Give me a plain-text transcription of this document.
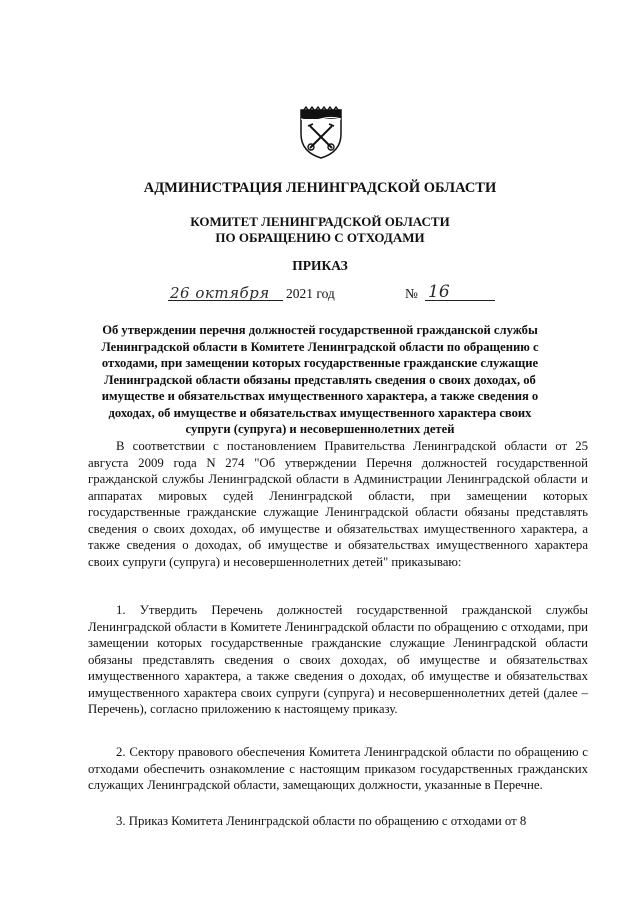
АДМИНИСТРАЦИЯ ЛЕНИНГРАДСКОЙ ОБЛАСТИ

КОМИТЕТ ЛЕНИНГРАДСКОЙ ОБЛАСТИ
ПО ОБРАЩЕНИЮ С ОТХОДАМИ

ПРИКАЗ

26 октября 2021 год	№ 16

Об утверждении перечня должностей государственной гражданской службы Ленинградской области в Комитете Ленинградской области по обращению с отходами, при замещении которых государственные гражданские служащие Ленинградской области обязаны представлять сведения о своих доходах, об имуществе и обязательствах имущественного характера, а также сведения о доходах, об имуществе и обязательствах имущественного характера своих супруги (супруга) и несовершеннолетних детей

В соответствии с постановлением Правительства Ленинградской области от 25 августа 2009 года N 274 "Об утверждении Перечня должностей государственной гражданской службы Ленинградской области в Администрации Ленинградской области и аппаратах мировых судей Ленинградской области, при замещении которых государственные гражданские служащие Ленинградской области обязаны представлять сведения о своих доходах, об имуществе и обязательствах имущественного характера, а также сведения о доходах, об имуществе и обязательствах имущественного характера своих супруги (супруга) и несовершеннолетних детей" приказываю:

1. Утвердить Перечень должностей государственной гражданской службы Ленинградской области в Комитете Ленинградской области по обращению с отходами, при замещении которых государственные гражданские служащие Ленинградской области обязаны представлять сведения о своих доходах, об имуществе и обязательствах имущественного характера, а также сведения о доходах, об имуществе и обязательствах имущественного характера своих супруги (супруга) и несовершеннолетних детей (далее – Перечень), согласно приложению к настоящему приказу.

2. Сектору правового обеспечения Комитета Ленинградской области по обращению с отходами обеспечить ознакомление с настоящим приказом государственных гражданских служащих Ленинградской области, замещающих должности, указанные в Перечне.

3. Приказ Комитета Ленинградской области по обращению с отходами от 8
